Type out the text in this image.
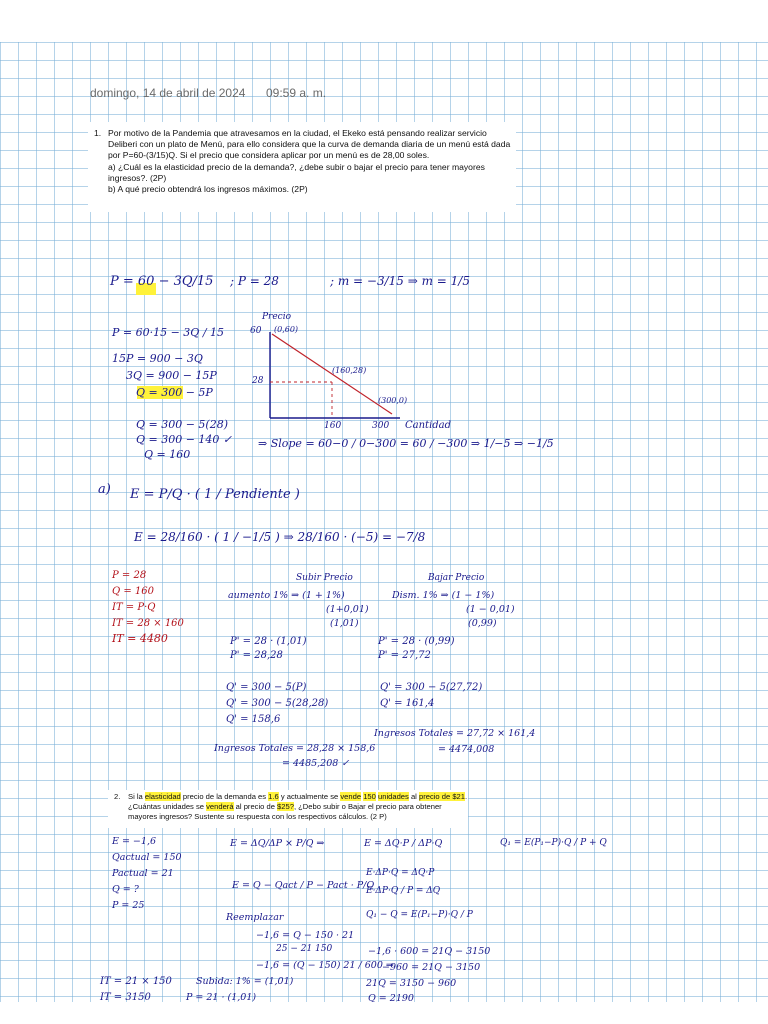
domingo, 14 de abril de 2024 09:59 a. m.
1. Por motivo de la Pandemia que atravesamos en la ciudad, el Ekeko está pensando realizar servicio Deliberi con un plato de Menú, para ello considera que la curva de demanda diaria de un menú está dada por P=60-(3/15)Q. Si el precio que considera aplicar por un menú es de 28,00 soles.

a) ¿Cuál es la elasticidad precio de la demanda?, ¿debe subir o bajar el precio para tener mayores ingresos?. (2P)

b) A qué precio obtendrá los ingresos máximos. (2P)

2. Si la elasticidad precio de la demanda es 1.6 y actualmente se vende 150 unidades al precio de $21. ¿Cuántas unidades se venderá al precio de $25?, ¿Debo subir o Bajar el precio para obtener mayores ingresos? Sustente su respuesta con los respectivos cálculos. (2 P)
P = 60 − 3Q/15 ; P = 28	; m = −3/15 ⇒ m = 1/5
P = 60·15 − 3Q / 15
15P = 900 − 3Q
3Q = 900 − 15P
Q = 300 − 5P
Q = 300 − 5(28)
Q = 300 − 140 ✓
Q = 160
⇒ Slope = 60−0 / 0−300 = 60 / −300 ⇒ 1/−5 ⇒ −1/5
Precio
Cantidad
(0,60)
(160,28)
(300,0)
60
28
160	300
a) E = P/Q · ( 1 / Pendiente )
E = 28/160 · ( 1 / −1/5 ) ⇒ 28/160 · (−5) = −7/8
P = 28
Q = 160
IT = P·Q
IT = 28 × 160
IT = 4480
Subir Precio	Bajar Precio
aumento 1% ⇒ (1 + 1%)
(1+0,01)
(1,01)
Dism. 1% ⇒ (1 − 1%)
(1 − 0,01)
(0,99)
P' = 28 · (1,01)
P' = 28,28
P' = 28 · (0,99)
P' = 27,72
Q' = 300 − 5(P)
Q' = 300 − 5(28,28)
Q' = 158,6
Q' = 300 − 5(27,72)
Q' = 161,4
Ingresos Totales = 28,28 × 158,6
= 4485,208 ✓
Ingresos Totales = 27,72 × 161,4
= 4474,008
E = −1,6
Qactual = 150
Pactual = 21
Q = ?
P = 25
E = ΔQ/ΔP × P/Q ⇒	E = ΔQ·P / ΔP·Q	Q₁ = E(P₁−P)·Q / P + Q
E = Q − Qact / P − Pact · P/Q
E·ΔP·Q = ΔQ·P
E·ΔP·Q / P = ΔQ
Q₁ − Q = E(P₁−P)·Q / P
Reemplazar
−1,6 = Q − 150 · 21
25 − 21 150
−1,6 = (Q − 150) 21 / 600 ⇒
−1,6 · 600 = 21Q − 3150
−960 = 21Q − 3150
21Q = 3150 − 960
Q = 2190
IT = 21 × 150
IT = 3150
Subida: 1% = (1,01)
P = 21 · (1,01)
